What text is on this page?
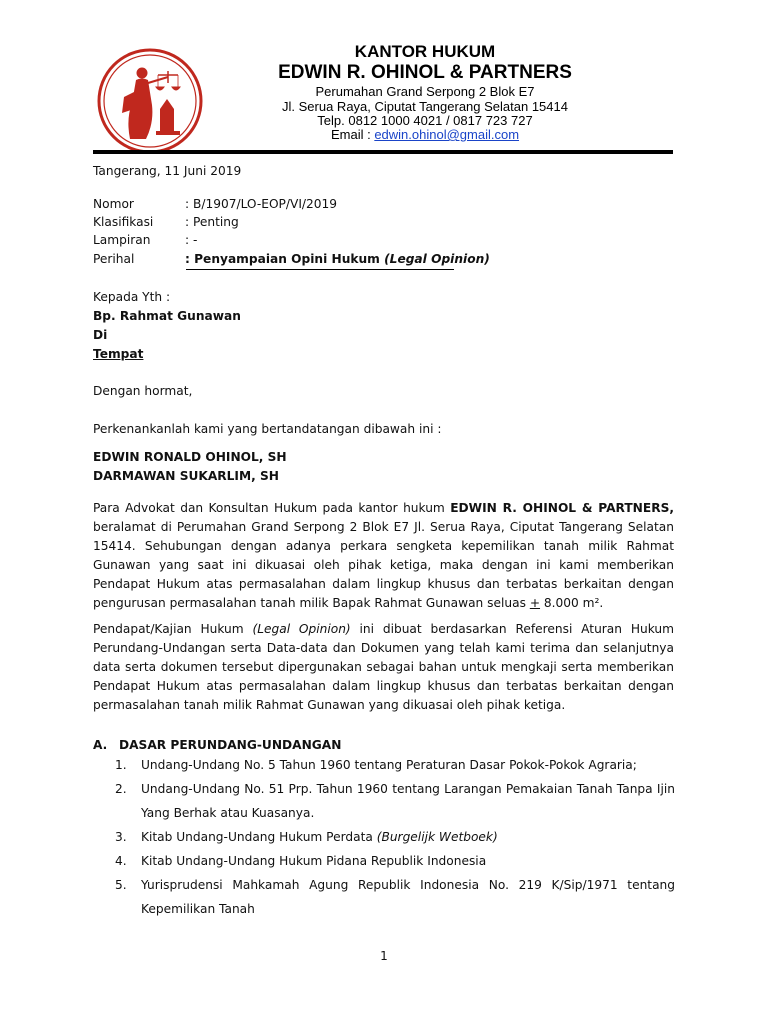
KANTOR HUKUM
EDWIN R. OHINOL & PARTNERS
Perumahan Grand Serpong 2 Blok E7
Jl. Serua Raya, Ciputat Tangerang Selatan 15414
Telp. 0812 1000 4021 / 0817 723 727
Email : edwin.ohinol@gmail.com
Tangerang, 11 Juni 2019
Nomor	: B/1907/LO-EOP/VI/2019
Klasifikasi	: Penting
Lampiran	: -
Perihal	: Penyampaian Opini Hukum (Legal Opinion)
Kepada Yth :
Bp. Rahmat Gunawan
Di
Tempat
Dengan hormat,
Perkenankanlah kami yang bertandatangan dibawah ini :
EDWIN RONALD OHINOL, SH
DARMAWAN SUKARLIM, SH

Para Advokat dan Konsultan Hukum pada kantor hukum EDWIN R. OHINOL & PARTNERS, beralamat di Perumahan Grand Serpong 2 Blok E7 Jl. Serua Raya, Ciputat Tangerang Selatan 15414. Sehubungan dengan adanya perkara sengketa kepemilikan tanah milik Rahmat Gunawan yang saat ini dikuasai oleh pihak ketiga, maka dengan ini kami memberikan Pendapat Hukum atas permasalahan dalam lingkup khusus dan terbatas berkaitan dengan pengurusan permasalahan tanah milik Bapak Rahmat Gunawan seluas + 8.000 m².

Pendapat/Kajian Hukum (Legal Opinion) ini dibuat berdasarkan Referensi Aturan Hukum Perundang-Undangan serta Data-data dan Dokumen yang telah kami terima dan selanjutnya data serta dokumen tersebut dipergunakan sebagai bahan untuk mengkaji serta memberikan Pendapat Hukum atas permasalahan dalam lingkup khusus dan terbatas berkaitan dengan permasalahan tanah milik Rahmat Gunawan yang dikuasai oleh pihak ketiga.

A. DASAR PERUNDANG-UNDANGAN
1. Undang-Undang No. 5 Tahun 1960 tentang Peraturan Dasar Pokok-Pokok Agraria;
2. Undang-Undang No. 51 Prp. Tahun 1960 tentang Larangan Pemakaian Tanah Tanpa Ijin Yang Berhak atau Kuasanya.
3. Kitab Undang-Undang Hukum Perdata (Burgelijk Wetboek)
4. Kitab Undang-Undang Hukum Pidana Republik Indonesia
5. Yurisprudensi Mahkamah Agung Republik Indonesia No. 219 K/Sip/1971 tentang Kepemilikan Tanah
1
